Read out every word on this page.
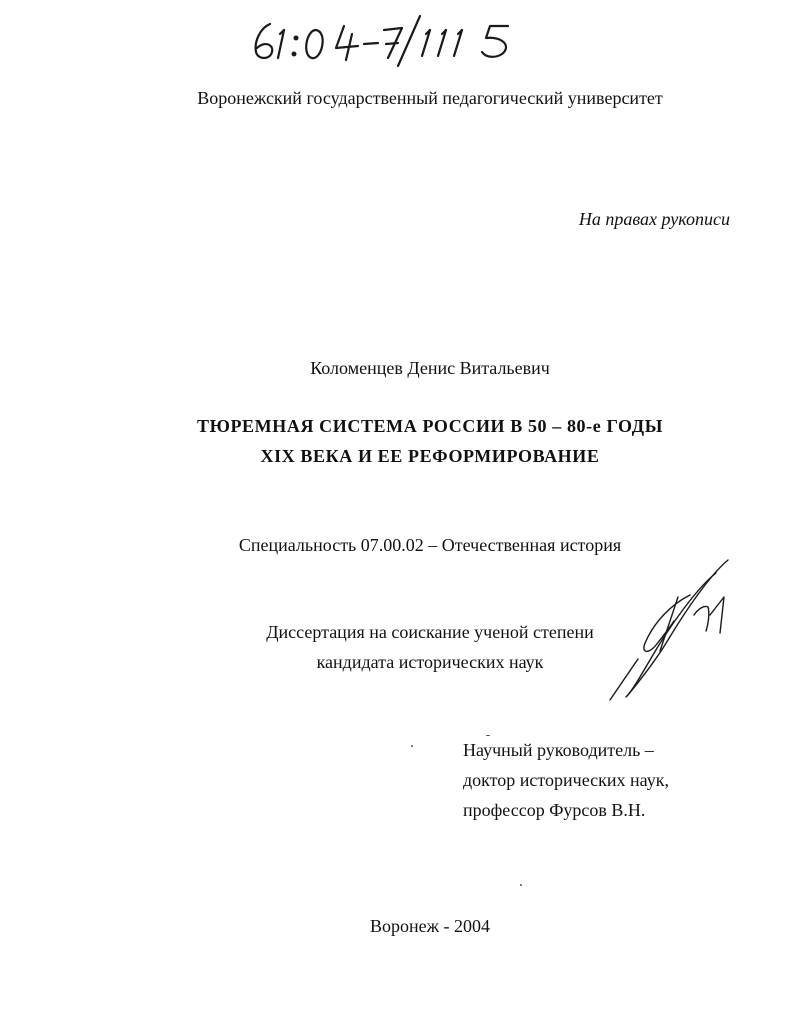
Воронежский государственный педагогический университет
На правах рукописи
Коломенцев Денис Витальевич
ТЮРЕМНАЯ СИСТЕМА РОССИИ В 50 – 80-е ГОДЫ
XIX ВЕКА И ЕЕ РЕФОРМИРОВАНИЕ
Специальность 07.00.02 – Отечественная история
Диссертация на соискание ученой степени
кандидата исторических наук
Научный руководитель –
доктор исторических наук,
профессор Фурсов В.Н.
Воронеж - 2004
